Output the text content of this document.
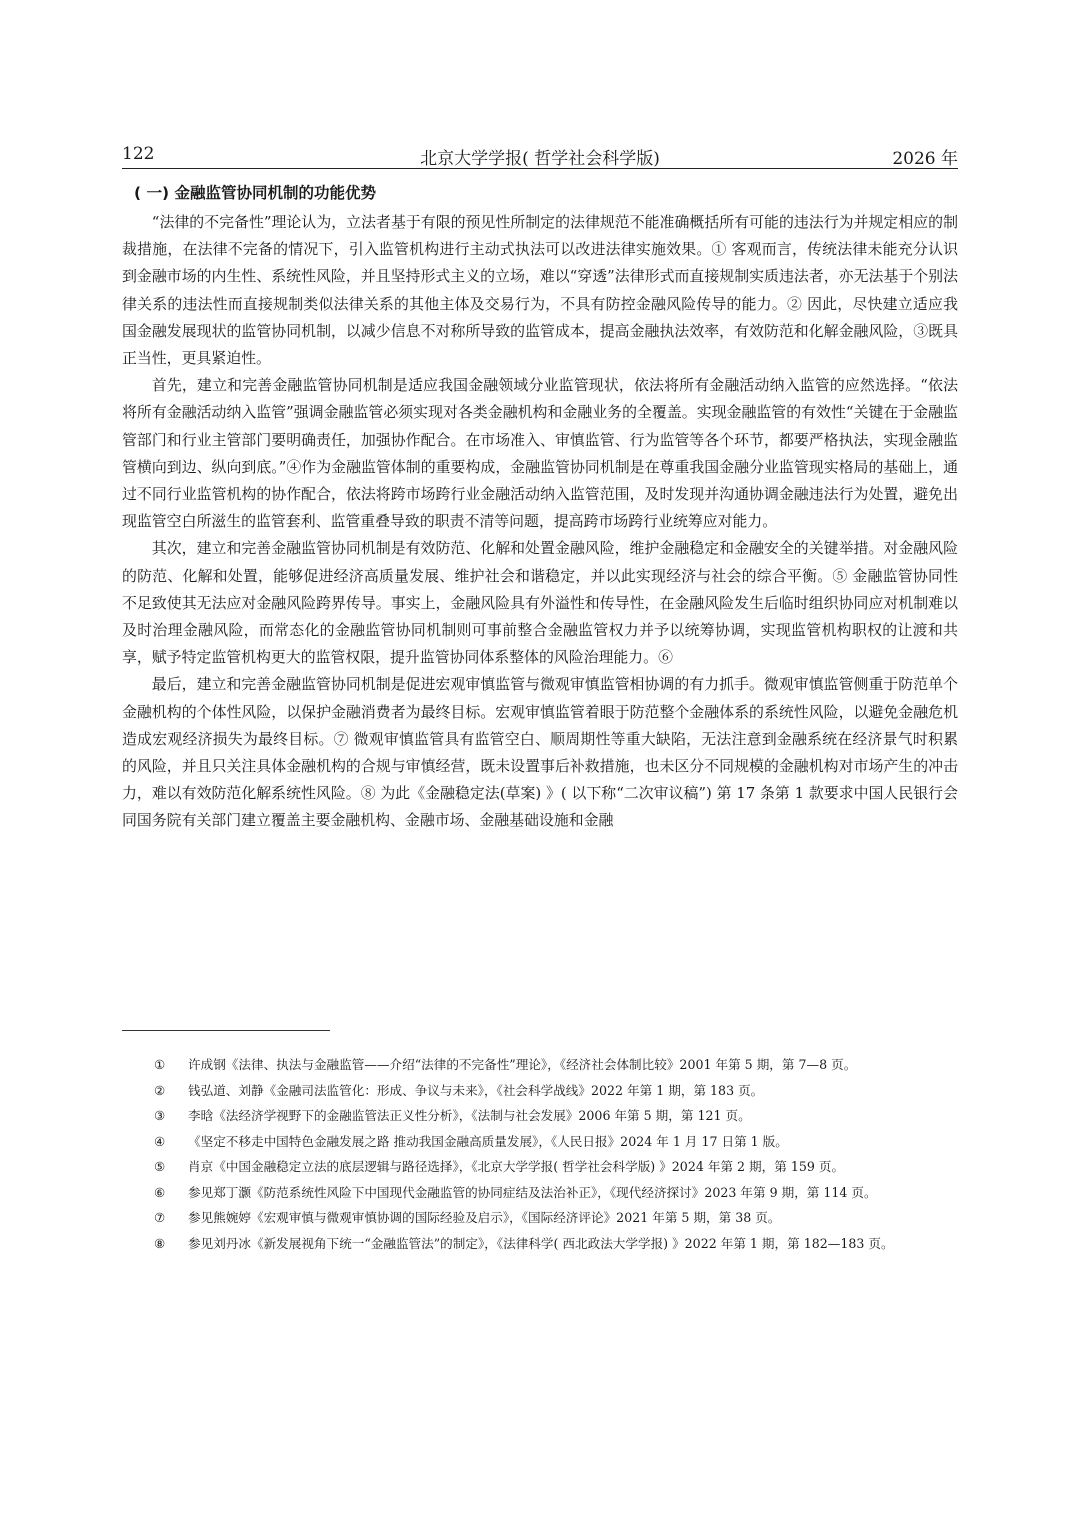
北京大学学报( 哲学社会科学版)
122	2026 年
( 一) 金融监管协同机制的功能优势

“法律的不完备性”理论认为，立法者基于有限的预见性所制定的法律规范不能准确概括所有可能的违法行为并规定相应的制裁措施，在法律不完备的情况下，引入监管机构进行主动式执法可以改进法律实施效果。① 客观而言，传统法律未能充分认识到金融市场的内生性、系统性风险，并且坚持形式主义的立场，难以“穿透”法律形式而直接规制实质违法者，亦无法基于个别法律关系的违法性而直接规制类似法律关系的其他主体及交易行为，不具有防控金融风险传导的能力。② 因此，尽快建立适应我国金融发展现状的监管协同机制，以减少信息不对称所导致的监管成本，提高金融执法效率，有效防范和化解金融风险，③既具正当性，更具紧迫性。

首先，建立和完善金融监管协同机制是适应我国金融领域分业监管现状，依法将所有金融活动纳入监管的应然选择。“依法将所有金融活动纳入监管”强调金融监管必须实现对各类金融机构和金融业务的全覆盖。实现金融监管的有效性“关键在于金融监管部门和行业主管部门要明确责任，加强协作配合。在市场准入、审慎监管、行为监管等各个环节，都要严格执法，实现金融监管横向到边、纵向到底。”④作为金融监管体制的重要构成，金融监管协同机制是在尊重我国金融分业监管现实格局的基础上，通过不同行业监管机构的协作配合，依法将跨市场跨行业金融活动纳入监管范围，及时发现并沟通协调金融违法行为处置，避免出现监管空白所滋生的监管套利、监管重叠导致的职责不清等问题，提高跨市场跨行业统筹应对能力。

其次，建立和完善金融监管协同机制是有效防范、化解和处置金融风险，维护金融稳定和金融安全的关键举措。对金融风险的防范、化解和处置，能够促进经济高质量发展、维护社会和谐稳定，并以此实现经济与社会的综合平衡。⑤ 金融监管协同性不足致使其无法应对金融风险跨界传导。事实上，金融风险具有外溢性和传导性，在金融风险发生后临时组织协同应对机制难以及时治理金融风险，而常态化的金融监管协同机制则可事前整合金融监管权力并予以统筹协调，实现监管机构职权的让渡和共享，赋予特定监管机构更大的监管权限，提升监管协同体系整体的风险治理能力。⑥

最后，建立和完善金融监管协同机制是促进宏观审慎监管与微观审慎监管相协调的有力抓手。微观审慎监管侧重于防范单个金融机构的个体性风险，以保护金融消费者为最终目标。宏观审慎监管着眼于防范整个金融体系的系统性风险，以避免金融危机造成宏观经济损失为最终目标。⑦ 微观审慎监管具有监管空白、顺周期性等重大缺陷，无法注意到金融系统在经济景气时积累的风险，并且只关注具体金融机构的合规与审慎经营，既未设置事后补救措施，也未区分不同规模的金融机构对市场产生的冲击力，难以有效防范化解系统性风险。⑧ 为此《金融稳定法(草案) 》( 以下称“二次审议稿”) 第 17 条第 1 款要求中国人民银行会同国务院有关部门建立覆盖主要金融机构、金融市场、金融基础设施和金融

①	许成钢《法律、执法与金融监管——介绍“法律的不完备性”理论》，《经济社会体制比较》2001 年第 5 期，第 7—8 页。
②	钱弘道、刘静《金融司法监管化：形成、争议与未来》，《社会科学战线》2022 年第 1 期，第 183 页。
③	李晗《法经济学视野下的金融监管法正义性分析》，《法制与社会发展》2006 年第 5 期，第 121 页。
④	《坚定不移走中国特色金融发展之路 推动我国金融高质量发展》，《人民日报》2024 年 1 月 17 日第 1 版。
⑤	肖京《中国金融稳定立法的底层逻辑与路径选择》，《北京大学学报( 哲学社会科学版) 》2024 年第 2 期，第 159 页。
⑥	参见郑丁灏《防范系统性风险下中国现代金融监管的协同症结及法治补正》，《现代经济探讨》2023 年第 9 期，第 114 页。
⑦	参见熊婉婷《宏观审慎与微观审慎协调的国际经验及启示》，《国际经济评论》2021 年第 5 期，第 38 页。
⑧	参见刘丹冰《新发展视角下统一“金融监管法”的制定》，《法律科学( 西北政法大学学报) 》2022 年第 1 期，第 182—183 页。
